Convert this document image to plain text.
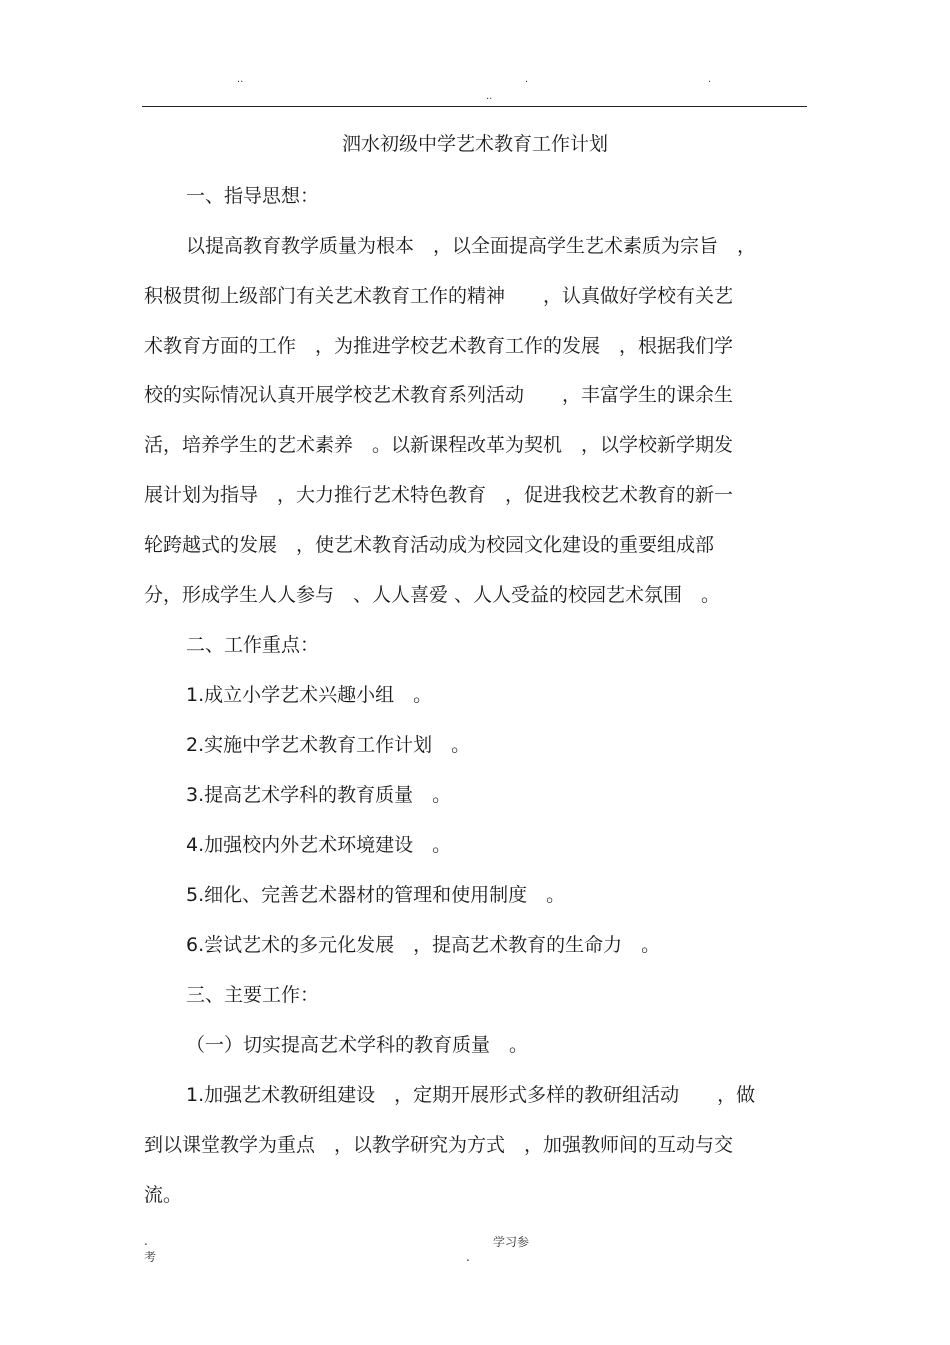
..	.
..
.
泗水初级中学艺术教育工作计划
一、指导思想：
以提高教育教学质量为根本　，以全面提高学生艺术素质为宗旨　，
积极贯彻上级部门有关艺术教育工作的精神　　，认真做好学校有关艺
术教育方面的工作　，为推进学校艺术教育工作的发展　，根据我们学
校的实际情况认真开展学校艺术教育系列活动　　，丰富学生的课余生
活，培养学生的艺术素养　。以新课程改革为契机　，以学校新学期发
展计划为指导　，大力推行艺术特色教育　，促进我校艺术教育的新一
轮跨越式的发展　，使艺术教育活动成为校园文化建设的重要组成部
分，形成学生人人参与　、人人喜爱 、人人受益的校园艺术氛围　。
二、工作重点：
1.成立小学艺术兴趣小组　。
2.实施中学艺术教育工作计划　。
3.提高艺术学科的教育质量　。
4.加强校内外艺术环境建设　。
5.细化、完善艺术器材的管理和使用制度　。
6.尝试艺术的多元化发展　，提高艺术教育的生命力　。
三、主要工作：
（一）切实提高艺术学科的教育质量　。
1.加强艺术教研组建设　，定期开展形式多样的教研组活动　　，做
到以课堂教学为重点　，以教学研究为方式　，加强教师间的互动与交
流。
.
考
学习参
.
